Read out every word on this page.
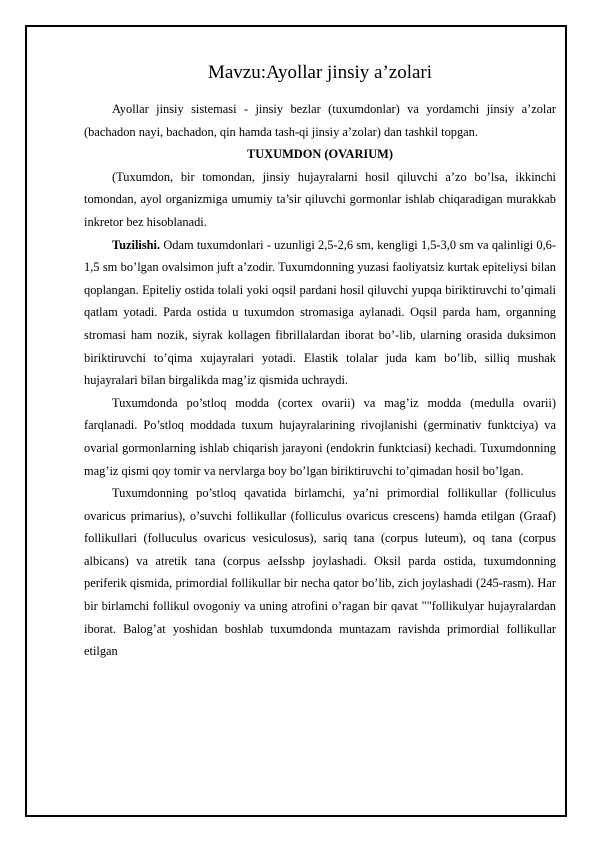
Mavzu:Ayollar jinsiy a’zolari

Ayollar jinsiy sistemasi - jinsiy bezlar (tuxumdonlar) va yordamchi jinsiy a’zolar (bachadon nayi, bachadon, qin hamda tash-qi jinsiy a’zolar) dan tashkil topgan.

TUXUMDON (OVARIUM)

(Tuxumdon, bir tomondan, jinsiy hujayralarni hosil qiluvchi a’zo bo’lsa, ikkinchi tomondan, ayol organizmiga umumiy ta’sir qiluvchi gormonlar ishlab chiqaradigan murakkab inkretor bez hisoblanadi.

Tuzilishi. Odam tuxumdonlari - uzunligi 2,5-2,6 sm, kengligi 1,5-3,0 sm va qalinligi 0,6-1,5 sm bo’lgan ovalsimon juft a’zodir. Tuxumdonning yuzasi faoliyatsiz kurtak epiteliysi bilan qoplangan. Epiteliy ostida tolali yoki oqsil pardani hosil qiluvchi yupqa biriktiruvchi to’qimali qatlam yotadi. Parda ostida u tuxumdon stromasiga aylanadi. Oqsil parda ham, organning stromasi ham nozik, siyrak kollagen fibrillalardan iborat bo’-lib, ularning orasida duksimon biriktiruvchi to’qima xujayralari yotadi. Elastik tolalar juda kam bo’lib, silliq mushak hujayralari bilan birgalikda mag’iz qismida uchraydi.

Tuxumdonda po’stloq modda (cortex ovarii) va mag’iz modda (medulla ovarii) farqlanadi. Po’stloq moddada tuxum hujayralarining rivojlanishi (germinativ funktciya) va ovarial gormonlarning ishlab chiqarish jarayoni (endokrin funktciasi) kechadi. Tuxumdonning mag’iz qismi qoy tomir va nervlarga boy bo’lgan biriktiruvchi to’qimadan hosil bo’lgan.

Tuxumdonning po’stloq qavatida birlamchi, ya’ni primordial follikullar (folliculus ovaricus primarius), o’suvchi follikullar (folliculus ovaricus crescens) hamda etilgan (Graaf) follikullari (folluculus ovaricus vesiculosus), sariq tana (corpus luteum), oq tana (corpus albicans) va atretik tana (corpus aeIsshp joylashadi. Oksil parda ostida, tuxumdonning periferik qismida, primordial follikullar bir necha qator bo’lib, zich joylashadi (245-rasm). Har bir birlamchi follikul ovogoniy va uning atrofini o’ragan bir qavat ""follikulyar hujayralardan iborat. Balog’at yoshidan boshlab tuxumdonda muntazam ravishda primordial follikullar etilgan
